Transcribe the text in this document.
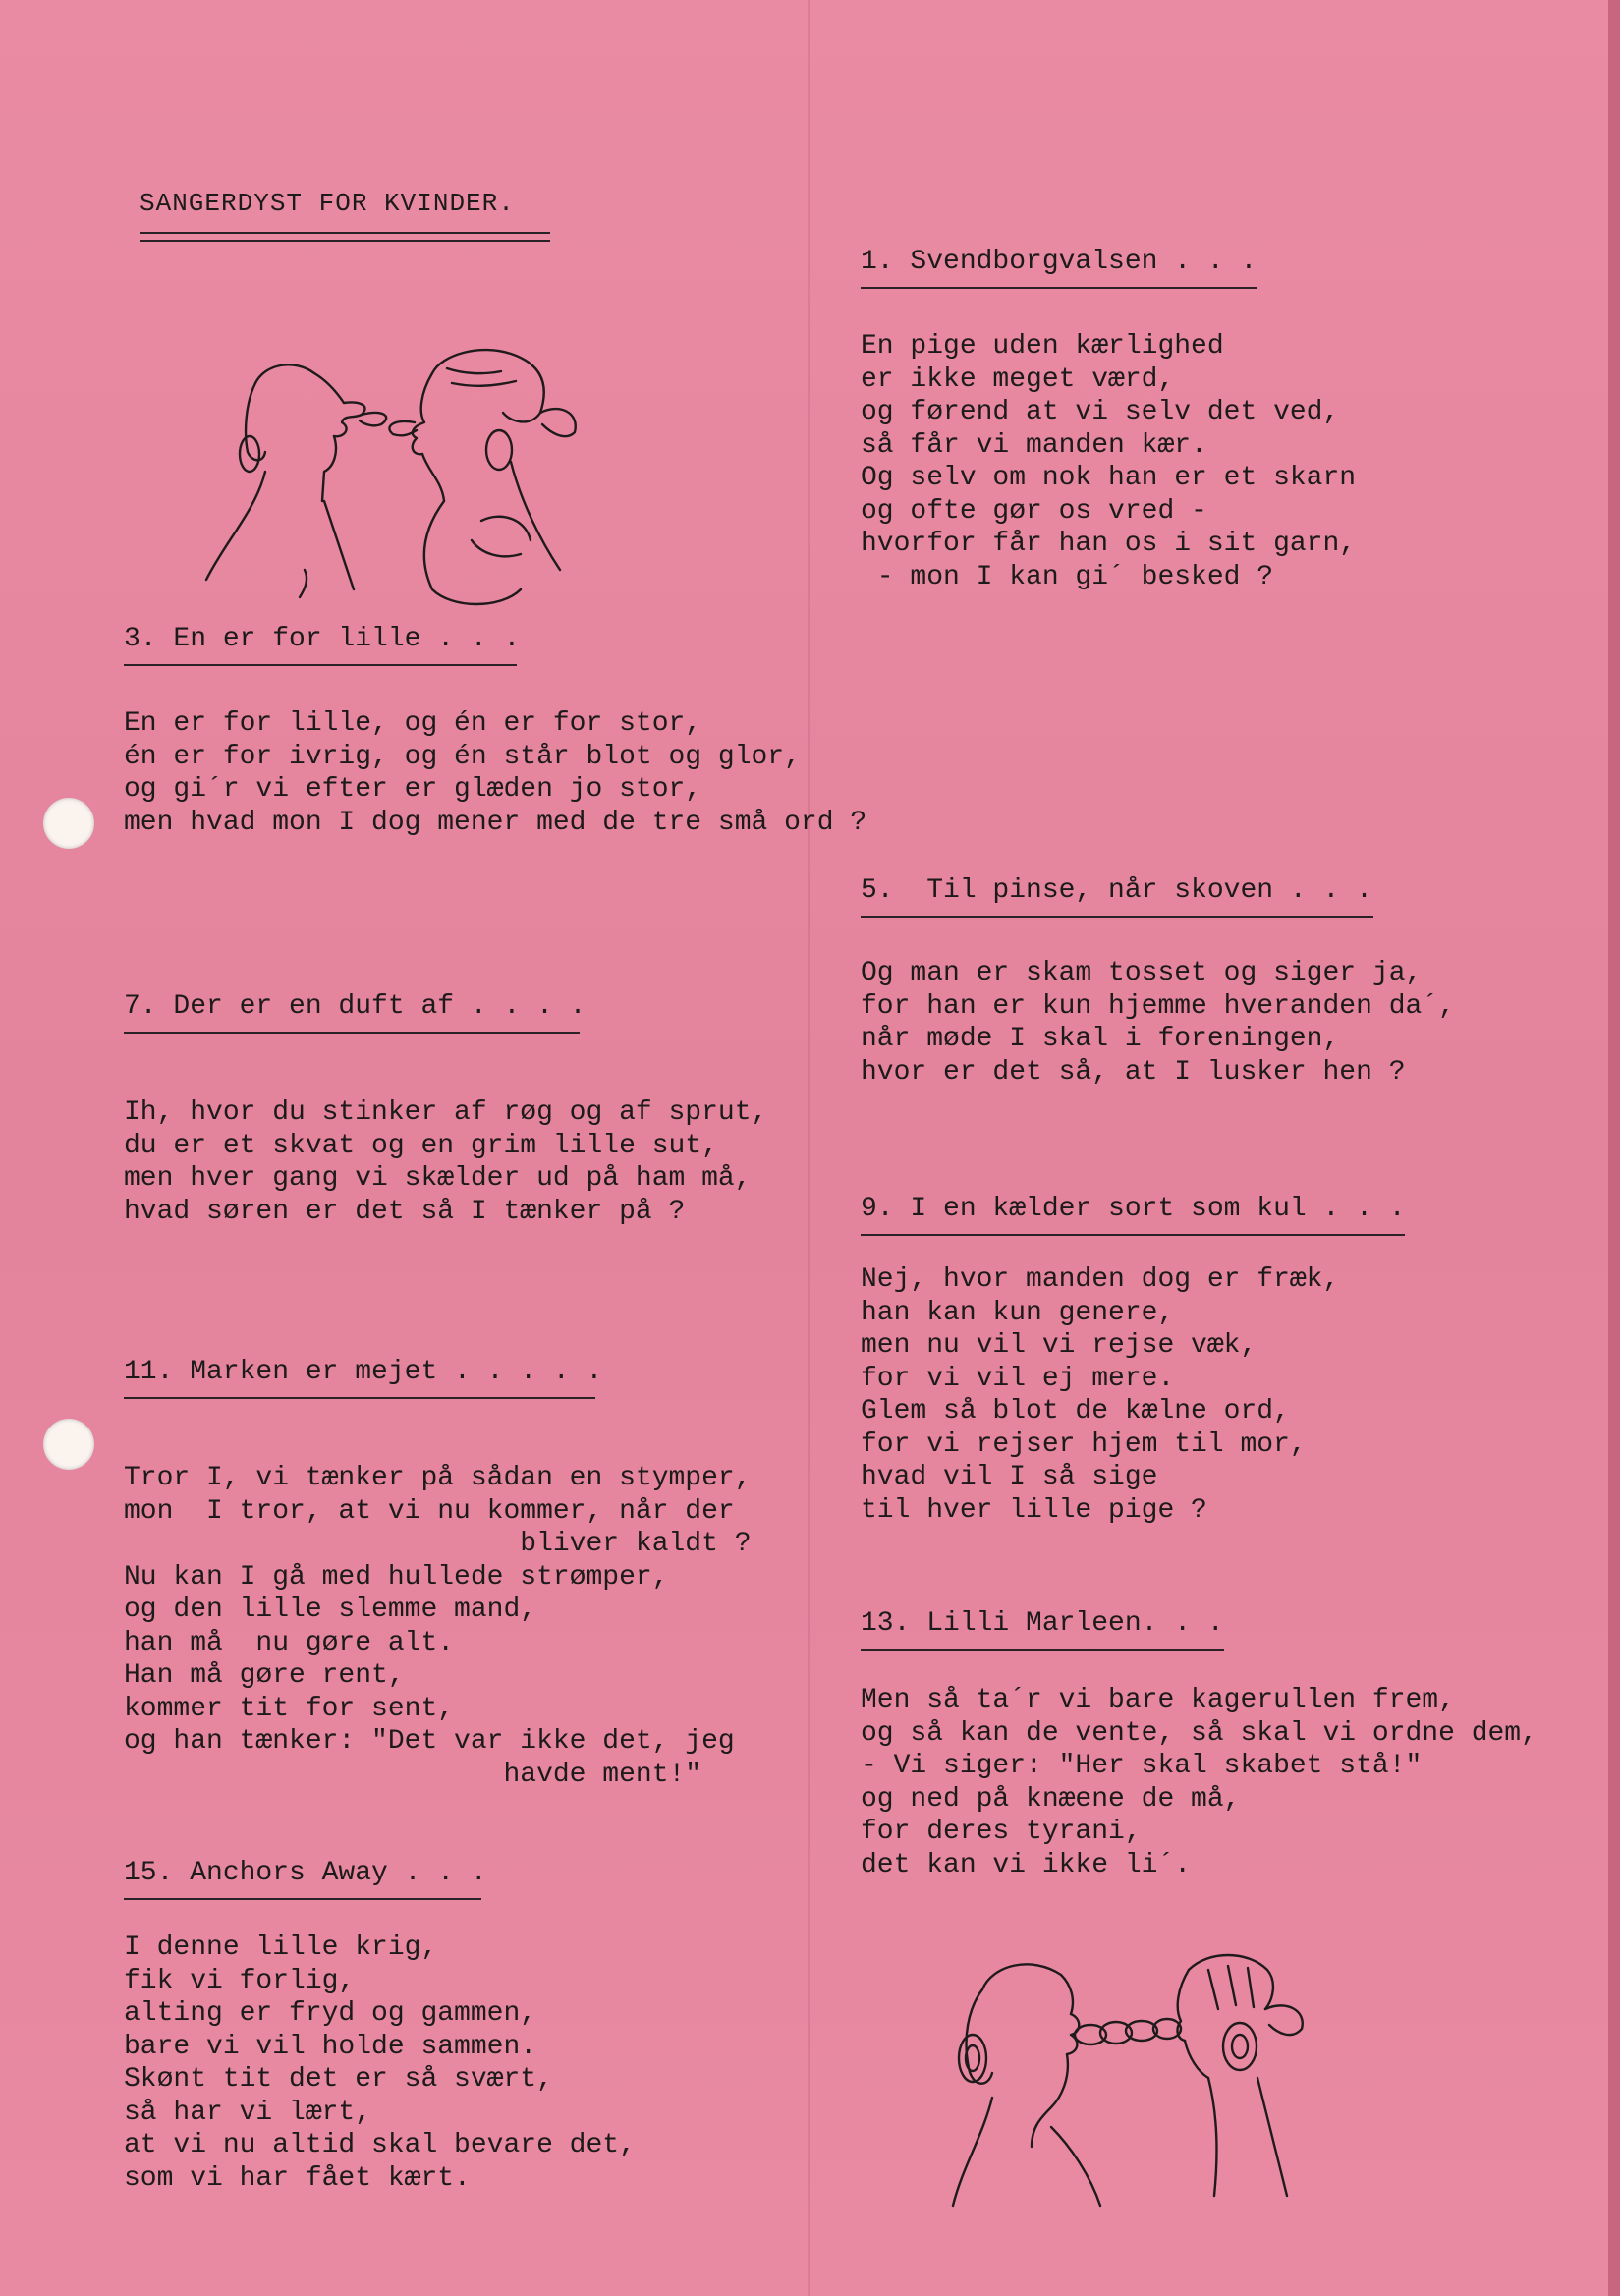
SANGERDYST FOR KVINDER.
1. Svendborgvalsen . . .
En pige uden kærlighed
er ikke meget værd,
og førend at vi selv det ved,
så får vi manden kær.
Og selv om nok han er et skarn
og ofte gør os vred -
hvorfor får han os i sit garn,
- mon I kan gi´ besked ?
3. En er for lille . . .
En er for lille, og én er for stor,
én er for ivrig, og én står blot og glor,
og gi´r vi efter er glæden jo stor,
men hvad mon I dog mener med de tre små ord ?
5.  Til pinse, når skoven . . .
Og man er skam tosset og siger ja,
for han er kun hjemme hveranden da´,
når møde I skal i foreningen,
hvor er det så, at I lusker hen ?
7. Der er en duft af . . . .
Ih, hvor du stinker af røg og af sprut,
du er et skvat og en grim lille sut,
men hver gang vi skælder ud på ham må,
hvad søren er det så I tænker på ?	9. I en kælder sort som kul . . .
Nej, hvor manden dog er fræk,
han kan kun genere,
men nu vil vi rejse væk,
for vi vil ej mere.
Glem så blot de kælne ord,
for vi rejser hjem til mor,
hvad vil I så sige
til hver lille pige ?
11. Marken er mejet . . . . .
Tror I, vi tænker på sådan en stymper,
mon  I tror, at vi nu kommer, når der
bliver kaldt ?
Nu kan I gå med hullede strømper,
og den lille slemme mand,
han må  nu gøre alt.
Han må gøre rent,
kommer tit for sent,
og han tænker: "Det var ikke det, jeg
havde ment!"
13. Lilli Marleen. . .
Men så ta´r vi bare kagerullen frem,
og så kan de vente, så skal vi ordne dem,
- Vi siger: "Her skal skabet stå!"
og ned på knæene de må,
for deres tyrani,
det kan vi ikke li´.
15. Anchors Away . . .
I denne lille krig,
fik vi forlig,
alting er fryd og gammen,
bare vi vil holde sammen.
Skønt tit det er så svært,
så har vi lært,
at vi nu altid skal bevare det,
som vi har fået kært.
